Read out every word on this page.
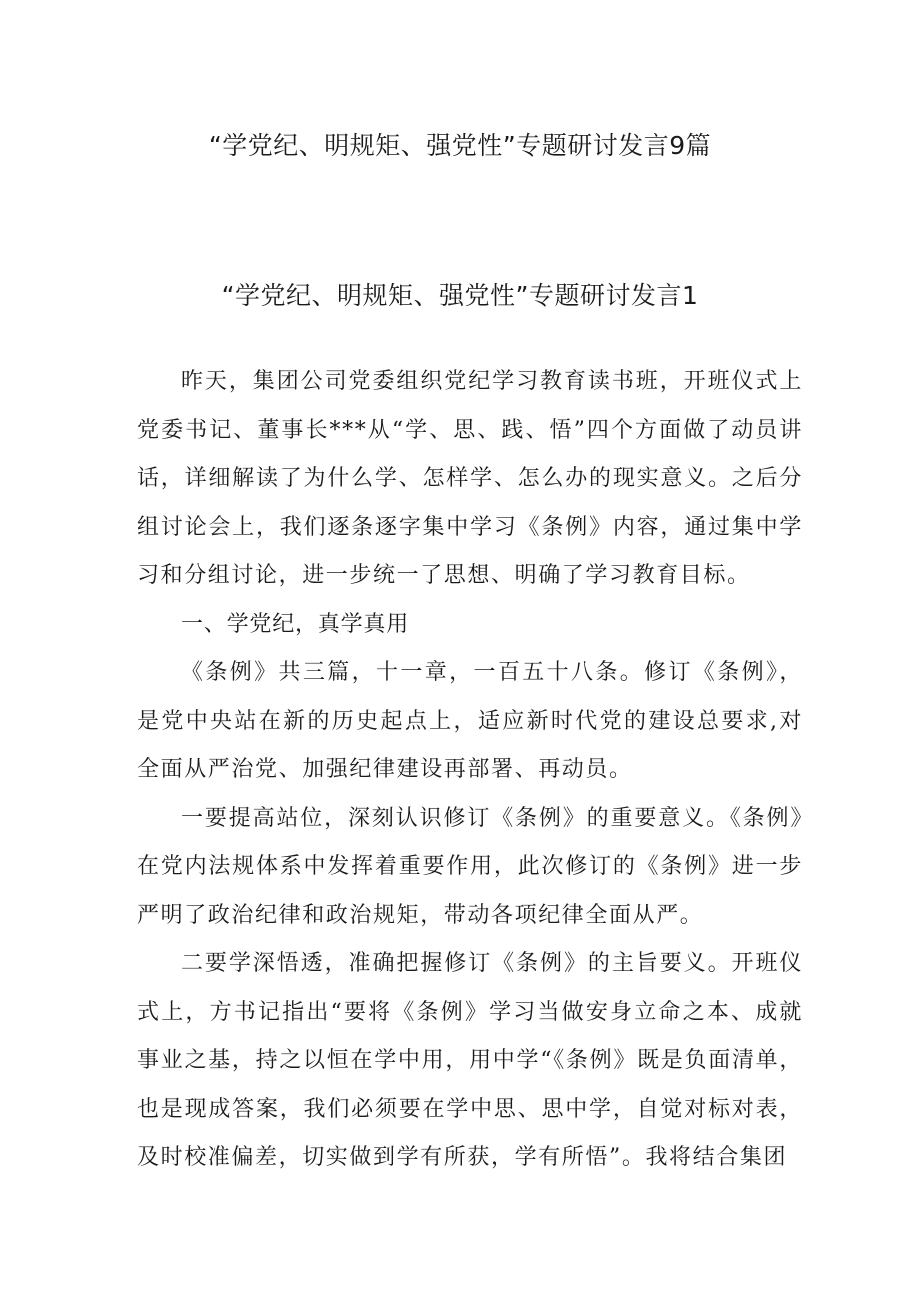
“学党纪、明规矩、强党性”专题研讨发言9篇
“学党纪、明规矩、强党性”专题研讨发言1

昨天，集团公司党委组织党纪学习教育读书班，开班仪式上党委书记、董事长***从“学、思、践、悟”四个方面做了动员讲话，详细解读了为什么学、怎样学、怎么办的现实意义。之后分组讨论会上，我们逐条逐字集中学习《条例》内容，通过集中学习和分组讨论，进一步统一了思想、明确了学习教育目标。

一、学党纪，真学真用

《条例》共三篇，十一章，一百五十八条。修订《条例》，是党中央站在新的历史起点上，适应新时代党的建设总要求,对全面从严治党、加强纪律建设再部署、再动员。

一要提高站位，深刻认识修订《条例》的重要意义。《条例》在党内法规体系中发挥着重要作用，此次修订的《条例》进一步严明了政治纪律和政治规矩，带动各项纪律全面从严。

二要学深悟透，准确把握修订《条例》的主旨要义。开班仪式上，方书记指出“要将《条例》学习当做安身立命之本、成就事业之基，持之以恒在学中用，用中学“《条例》既是负面清单，也是现成答案，我们必须要在学中思、思中学，自觉对标对表，及时校准偏差，切实做到学有所获，学有所悟”。我将结合集团
